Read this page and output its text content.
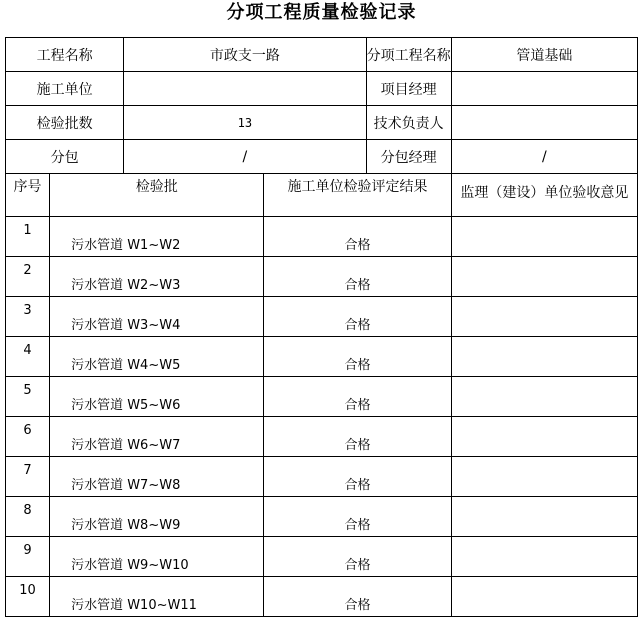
分项工程质量检验记录
工程名称		市政支一路		分项工程名称	管道基础
施工单位				项目经理	
检验批数		13		技术负责人	
分包		/		分包经理	/
序号	检验批		施工单位检验评定结果		监理（建设）单位验收意见
1	污水管道 W1~W2		合格		
2	污水管道 W2~W3		合格		
3	污水管道 W3~W4		合格		
4	污水管道 W4~W5		合格		
5	污水管道 W5~W6		合格		
6	污水管道 W6~W7		合格		
7	污水管道 W7~W8		合格		
8	污水管道 W8~W9		合格		
9	污水管道 W9~W10		合格		
10	污水管道 W10~W11		合格		
